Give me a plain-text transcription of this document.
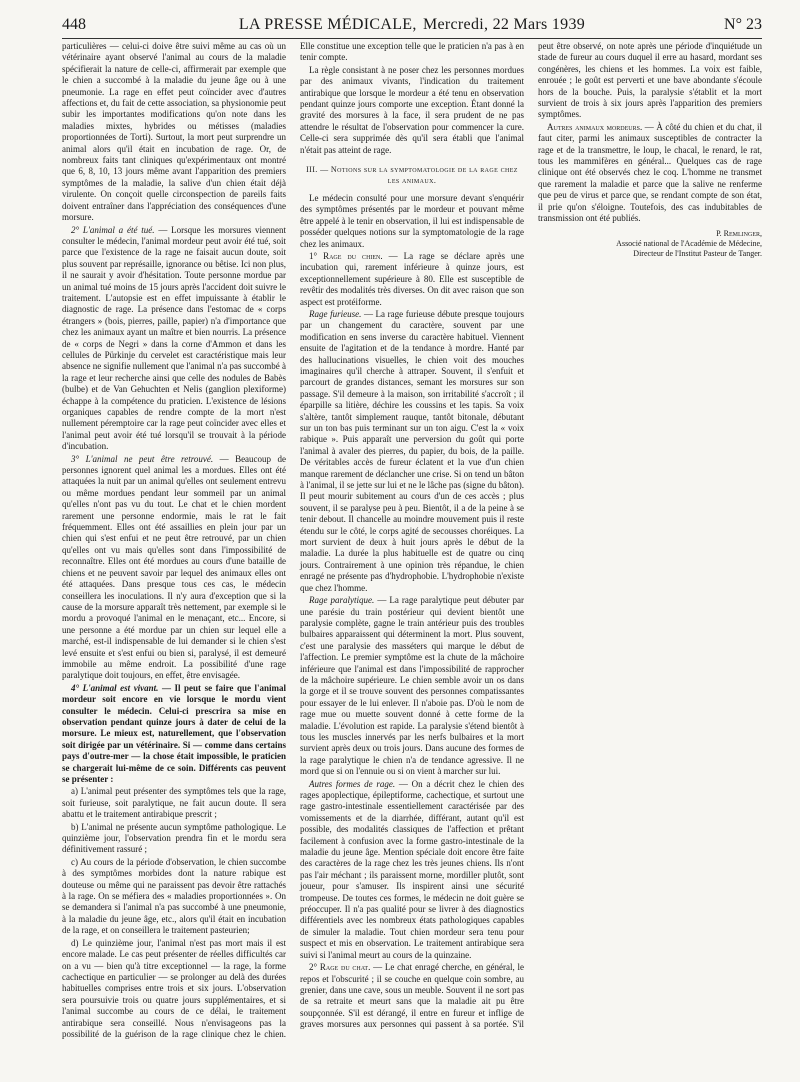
448	LA PRESSE MÉDICALE, Mercredi, 22 Mars 1939	N° 23

particulières — celui-ci doive être suivi même au cas où un vétérinaire ayant observé l'animal au cours de la maladie spécifierait la nature de celle-ci, affirmerait par exemple que le chien a succombé à la maladie du jeune âge ou à une pneumonie. La rage en effet peut coïncider avec d'autres affections et, du fait de cette association, sa physionomie peut subir les importantes modifications qu'on note dans les maladies mixtes, hybrides ou métisses (maladies proportionnées de Torti). Surtout, la mort peut surprendre un animal alors qu'il était en incubation de rage. Or, de nombreux faits tant cliniques qu'expérimentaux ont montré que 6, 8, 10, 13 jours même avant l'apparition des premiers symptômes de la maladie, la salive d'un chien était déjà virulente. On conçoit quelle circonspection de pareils faits doivent entraîner dans l'appréciation des conséquences d'une morsure.

2° L'animal a été tué. — Lorsque les morsures viennent consulter le médecin, l'animal mordeur peut avoir été tué, soit parce que l'existence de la rage ne faisait aucun doute, soit plus souvent par représaille, ignorance ou bêtise. Ici non plus, il ne saurait y avoir d'hésitation. Toute personne mordue par un animal tué moins de 15 jours après l'accident doit suivre le traitement. L'autopsie est en effet impuissante à établir le diagnostic de rage. La présence dans l'estomac de « corps étrangers » (bois, pierres, paille, papier) n'a d'importance que chez les animaux ayant un maître et bien nourris. La présence de « corps de Negri » dans la corne d'Ammon et dans les cellules de Pürkinje du cervelet est caractéristique mais leur absence ne signifie nullement que l'animal n'a pas succombé à la rage et leur recherche ainsi que celle des nodules de Babès (bulbe) et de Van Gehuchten et Nelis (ganglion plexiforme) échappe à la compétence du praticien. L'existence de lésions organiques capables de rendre compte de la mort n'est nullement péremptoire car la rage peut coïncider avec elles et l'animal peut avoir été tué lorsqu'il se trouvait à la période d'incubation.

3° L'animal ne peut être retrouvé. — Beaucoup de personnes ignorent quel animal les a mordues. Elles ont été attaquées la nuit par un animal qu'elles ont seulement entrevu ou même mordues pendant leur sommeil par un animal qu'elles n'ont pas vu du tout. Le chat et le chien mordent rarement une personne endormie, mais le rat le fait fréquemment. Elles ont été assaillies en plein jour par un chien qui s'est enfui et ne peut être retrouvé, par un chien qu'elles ont vu mais qu'elles sont dans l'impossibilité de reconnaître. Elles ont été mordues au cours d'une bataille de chiens et ne peuvent savoir par lequel des animaux elles ont été attaquées. Dans presque tous ces cas, le médecin conseillera les inoculations. Il n'y aura d'exception que si la cause de la morsure apparaît très nettement, par exemple si le mordu a provoqué l'animal en le menaçant, etc... Encore, si une personne a été mordue par un chien sur lequel elle a marché, est-il indispensable de lui demander si le chien s'est levé ensuite et s'est enfui ou bien si, paralysé, il est demeuré immobile au même endroit. La possibilité d'une rage paralytique doit toujours, en effet, être envisagée.

4° L'animal est vivant. — Il peut se faire que l'animal mordeur soit encore en vie lorsque le mordu vient consulter le médecin. Celui-ci prescrira sa mise en observation pendant quinze jours à dater de celui de la morsure. Le mieux est, naturellement, que l'observation soit dirigée par un vétérinaire. Si — comme dans certains pays d'outre-mer — la chose était impossible, le praticien se chargerait lui-même de ce soin. Différents cas peuvent se présenter :

a) L'animal peut présenter des symptômes tels que la rage, soit furieuse, soit paralytique, ne fait aucun doute. Il sera abattu et le traitement antirabique prescrit ;

b) L'animal ne présente aucun symptôme pathologique. Le quinzième jour, l'observation prendra fin et le mordu sera définitivement rassuré ;

c) Au cours de la période d'observation, le chien succombe à des symptômes morbides dont la nature rabique est douteuse ou même qui ne paraissent pas devoir être rattachés à la rage. On se méfiera des « maladies proportionnées ». On se demandera si l'animal n'a pas succombé à une pneumonie, à la maladie du jeune âge, etc., alors qu'il était en incubation de la rage, et on conseillera le traitement pasteurien;

d) Le quinzième jour, l'animal n'est pas mort mais il est encore malade. Le cas peut présenter de réelles difficultés car on a vu — bien qu'à titre exceptionnel — la rage, la forme cachectique en particulier — se prolonger au delà des durées habituelles comprises entre trois et six jours. L'observation sera poursuivie trois ou quatre jours supplémentaires, et si l'animal succombe au cours de ce délai, le traitement antirabique sera conseillé. Nous n'envisageons pas la possibilité de la guérison de la rage clinique chez le chien. Elle constitue une exception telle que le praticien n'a pas à en tenir compte.

La règle consistant à ne poser chez les personnes mordues par des animaux vivants, l'indication du traitement antirabique que lorsque le mordeur a été tenu en observation pendant quinze jours comporte une exception. Étant donné la gravité des morsures à la face, il sera prudent de ne pas attendre le résultat de l'observation pour commencer la cure. Celle-ci sera supprimée dès qu'il sera établi que l'animal n'était pas atteint de rage.

III. — Notions sur la symptomatologie de la rage chez les animaux.

Le médecin consulté pour une morsure devant s'enquérir des symptômes présentés par le mordeur et pouvant même être appelé à le tenir en observation, il lui est indispensable de posséder quelques notions sur la symptomatologie de la rage chez les animaux.

1° Rage du chien. — La rage se déclare après une incubation qui, rarement inférieure à quinze jours, est exceptionnellement supérieure à 80. Elle est susceptible de revêtir des modalités très diverses. On dit avec raison que son aspect est protéiforme.

Rage furieuse. — La rage furieuse débute presque toujours par un changement du caractère, souvent par une modification en sens inverse du caractère habituel. Viennent ensuite de l'agitation et de la tendance à mordre. Hanté par des hallucinations visuelles, le chien voit des mouches imaginaires qu'il cherche à attraper. Souvent, il s'enfuit et parcourt de grandes distances, semant les morsures sur son passage. S'il demeure à la maison, son irritabilité s'accroît ; il éparpille sa litière, déchire les coussins et les tapis. Sa voix s'altère, tantôt simplement rauque, tantôt bitonale, débutant sur un ton bas puis terminant sur un ton aigu. C'est la « voix rabique ». Puis apparaît une perversion du goût qui porte l'animal à avaler des pierres, du papier, du bois, de la paille. De véritables accès de fureur éclatent et la vue d'un chien manque rarement de déclancher une crise. Si on tend un bâton à l'animal, il se jette sur lui et ne le lâche pas (signe du bâton). Il peut mourir subitement au cours d'un de ces accès ; plus souvent, il se paralyse peu à peu. Bientôt, il a de la peine à se tenir debout. Il chancelle au moindre mouvement puis il reste étendu sur le côté, le corps agité de secousses choréiques. La mort survient de deux à huit jours après le début de la maladie. La durée la plus habituelle est de quatre ou cinq jours. Contrairement à une opinion très répandue, le chien enragé ne présente pas d'hydrophobie. L'hydrophobie n'existe que chez l'homme.

Rage paralytique. — La rage paralytique peut débuter par une parésie du train postérieur qui devient bientôt une paralysie complète, gagne le train antérieur puis des troubles bulbaires apparaissent qui déterminent la mort. Plus souvent, c'est une paralysie des masséters qui marque le début de l'affection. Le premier symptôme est la chute de la mâchoire inférieure que l'animal est dans l'impossibilité de rapprocher de la mâchoire supérieure. Le chien semble avoir un os dans la gorge et il se trouve souvent des personnes compatissantes pour essayer de le lui enlever. Il n'aboie pas. D'où le nom de rage mue ou muette souvent donné à cette forme de la maladie. L'évolution est rapide. La paralysie s'étend bientôt à tous les muscles innervés par les nerfs bulbaires et la mort survient après deux ou trois jours. Dans aucune des formes de la rage paralytique le chien n'a de tendance agressive. Il ne mord que si on l'ennuie ou si on vient à marcher sur lui.

Autres formes de rage. — On a décrit chez le chien des rages apoplectique, épileptiforme, cachectique, et surtout une rage gastro-intestinale essentiellement caractérisée par des vomissements et de la diarrhée, différant, autant qu'il est possible, des modalités classiques de l'affection et prêtant facilement à confusion avec la forme gastro-intestinale de la maladie du jeune âge. Mention spéciale doit encore être faite des caractères de la rage chez les très jeunes chiens. Ils n'ont pas l'air méchant ; ils paraissent morne, mordiller plutôt, sont joueur, pour s'amuser. Ils inspirent ainsi une sécurité trompeuse. De toutes ces formes, le médecin ne doit guère se préoccuper. Il n'a pas qualité pour se livrer à des diagnostics différentiels avec les nombreux états pathologiques capables de simuler la maladie. Tout chien mordeur sera tenu pour suspect et mis en observation. Le traitement antirabique sera suivi si l'animal meurt au cours de la quinzaine.

2° Rage du chat. — Le chat enragé cherche, en général, le repos et l'obscurité ; il se couche en quelque coin sombre, au grenier, dans une cave, sous un meuble. Souvent il ne sort pas de sa retraite et meurt sans que la maladie ait pu être soupçonnée. S'il est dérangé, il entre en fureur et inflige de graves morsures aux personnes qui passent à sa portée. S'il peut être observé, on note après une période d'inquiétude un stade de fureur au cours duquel il erre au hasard, mordant ses congénères, les chiens et les hommes. La voix est faible, enrouée ; le goût est perverti et une bave abondante s'écoule hors de la bouche. Puis, la paralysie s'établit et la mort survient de trois à six jours après l'apparition des premiers symptômes.

Autres animaux mordeurs. — À côté du chien et du chat, il faut citer, parmi les animaux susceptibles de contracter la rage et de la transmettre, le loup, le chacal, le renard, le rat, tous les mammifères en général... Quelques cas de rage clinique ont été observés chez le coq. L'homme ne transmet que rarement la maladie et parce que la salive ne renferme que peu de virus et parce que, se rendant compte de son état, il prie qu'on s'éloigne. Toutefois, des cas indubitables de transmission ont été publiés.

P. Remlinger,
Associé national de l'Académie de Médecine,
Directeur de l'Institut Pasteur de Tanger.
